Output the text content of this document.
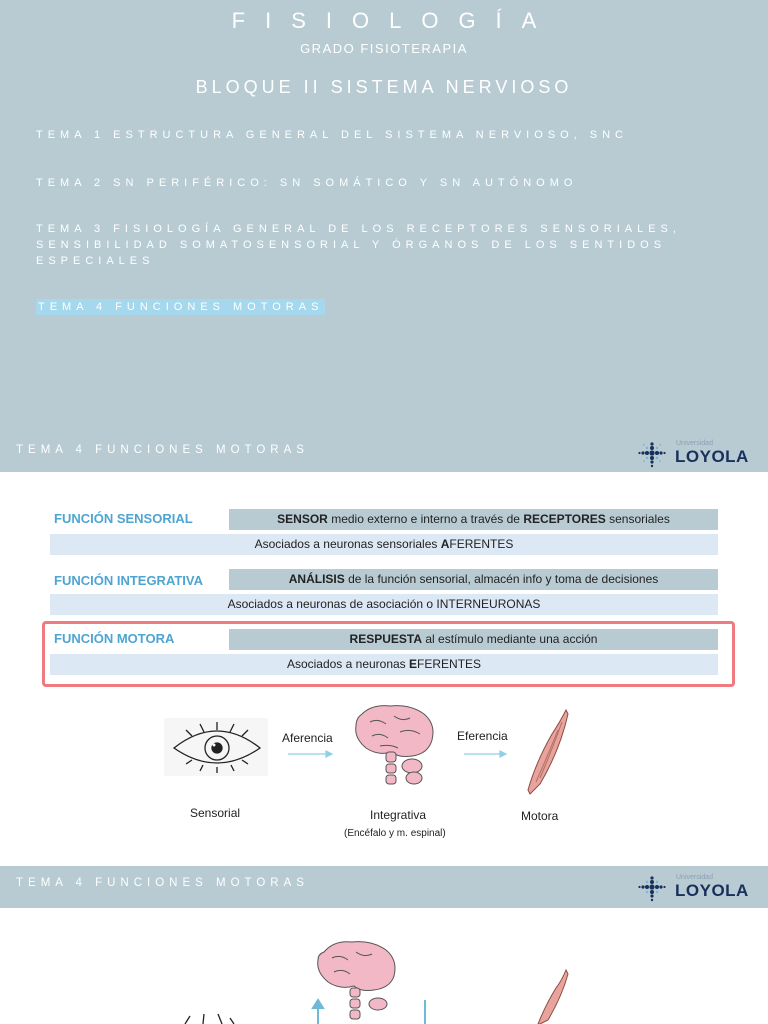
FISIOLOGÍA
GRADO FISIOTERAPIA
BLOQUE II SISTEMA NERVIOSO
TEMA 1 ESTRUCTURA GENERAL DEL SISTEMA NERVIOSO, SNC
TEMA 2 SN PERIFÉRICO: SN SOMÁTICO Y SN AUTÓNOMO
TEMA 3 FISIOLOGÍA GENERAL DE LOS RECEPTORES SENSORIALES, SENSIBILIDAD SOMATOSENSORIAL Y ÓRGANOS DE LOS SENTIDOS ESPECIALES
TEMA 4 FUNCIONES MOTORAS
TEMA 4 FUNCIONES MOTORAS
Universidad
LOYOLA
FUNCIÓN SENSORIAL	SENSOR medio externo e interno a través de RECEPTORES sensoriales
Asociados a neuronas sensoriales AFERENTES
FUNCIÓN INTEGRATIVA	ANÁLISIS de la función sensorial, almacén info y toma de decisiones
Asociados a neuronas de asociación o INTERNEURONAS
FUNCIÓN MOTORA	RESPUESTA al estímulo mediante una acción
Asociados a neuronas EFERENTES
Aferencia	Eferencia
Sensorial	Integrativa
(Encéfalo y m. espinal)
Motora
TEMA 4 FUNCIONES MOTORAS	Universidad
LOYOLA
